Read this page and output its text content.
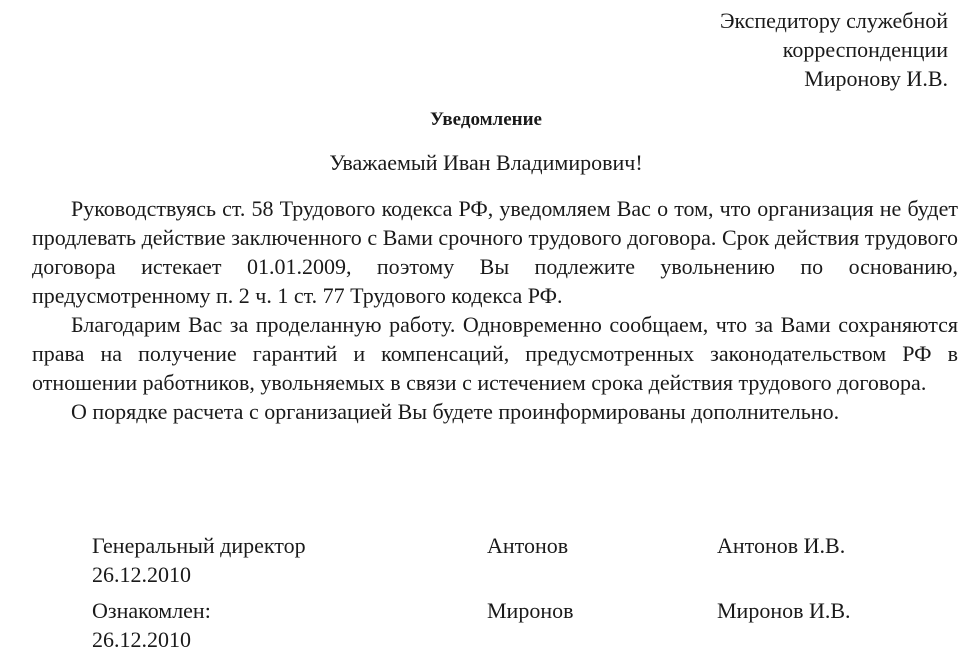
Экспедитору служебной
корреспонденции
Миронову И.В.
Уведомление
Уважаемый Иван Владимирович!

Руководствуясь ст. 58 Трудового кодекса РФ, уведомляем Вас о том, что организация не будет продлевать действие заключенного с Вами срочного трудового договора. Срок действия трудового договора истекает 01.01.2009, поэтому Вы подлежите увольнению по основанию, предусмотренному п. 2 ч. 1 ст. 77 Трудового кодекса РФ.

Благодарим Вас за проделанную работу. Одновременно сообщаем, что за Вами сохраняются права на получение гарантий и компенсаций, предусмотренных законодательством РФ в отношении работников, увольняемых в связи с истечением срока действия трудового договора.

О порядке расчета с организацией Вы будете проинформированы дополнительно.

Генеральный директор	Антонов	Антонов И.В.
26.12.2010
Ознакомлен:	Миронов	Миронов И.В.
26.12.2010
